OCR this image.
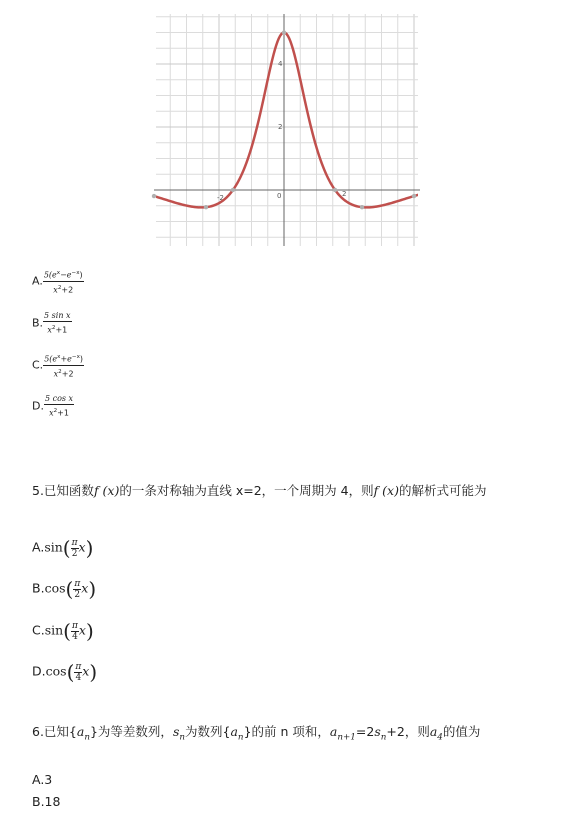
-2	0	2
2
4
A. $\frac{5(e^x-e^{-x})}{x^2+2}$
B. $\frac{\text{5 sin x}}{x^2+1}$
C. $\frac{5(e^x+e^{-x})}{x^2+2}$
D. $\frac{\text{5 cos x}}{x^2+1}$
5.已知函数f (x)的一条对称轴为直线 x=2，一个周期为 4，则f (x)的解析式可能为
$A.\sin( \frac{\pi}{2} x)$
$B.\cos( \frac{\pi}{2} x)$
$C.\sin( \frac{\pi}{4} x)$
$D.\cos( \frac{\pi}{4} x)$
6.已知$\{a_n\}$为等差数列，$s_n$为数列$\{a_n\}$的前 n 项和，$a_{n+1}=2s_n+2$，则$a_4$的值为
A.3
B.18
